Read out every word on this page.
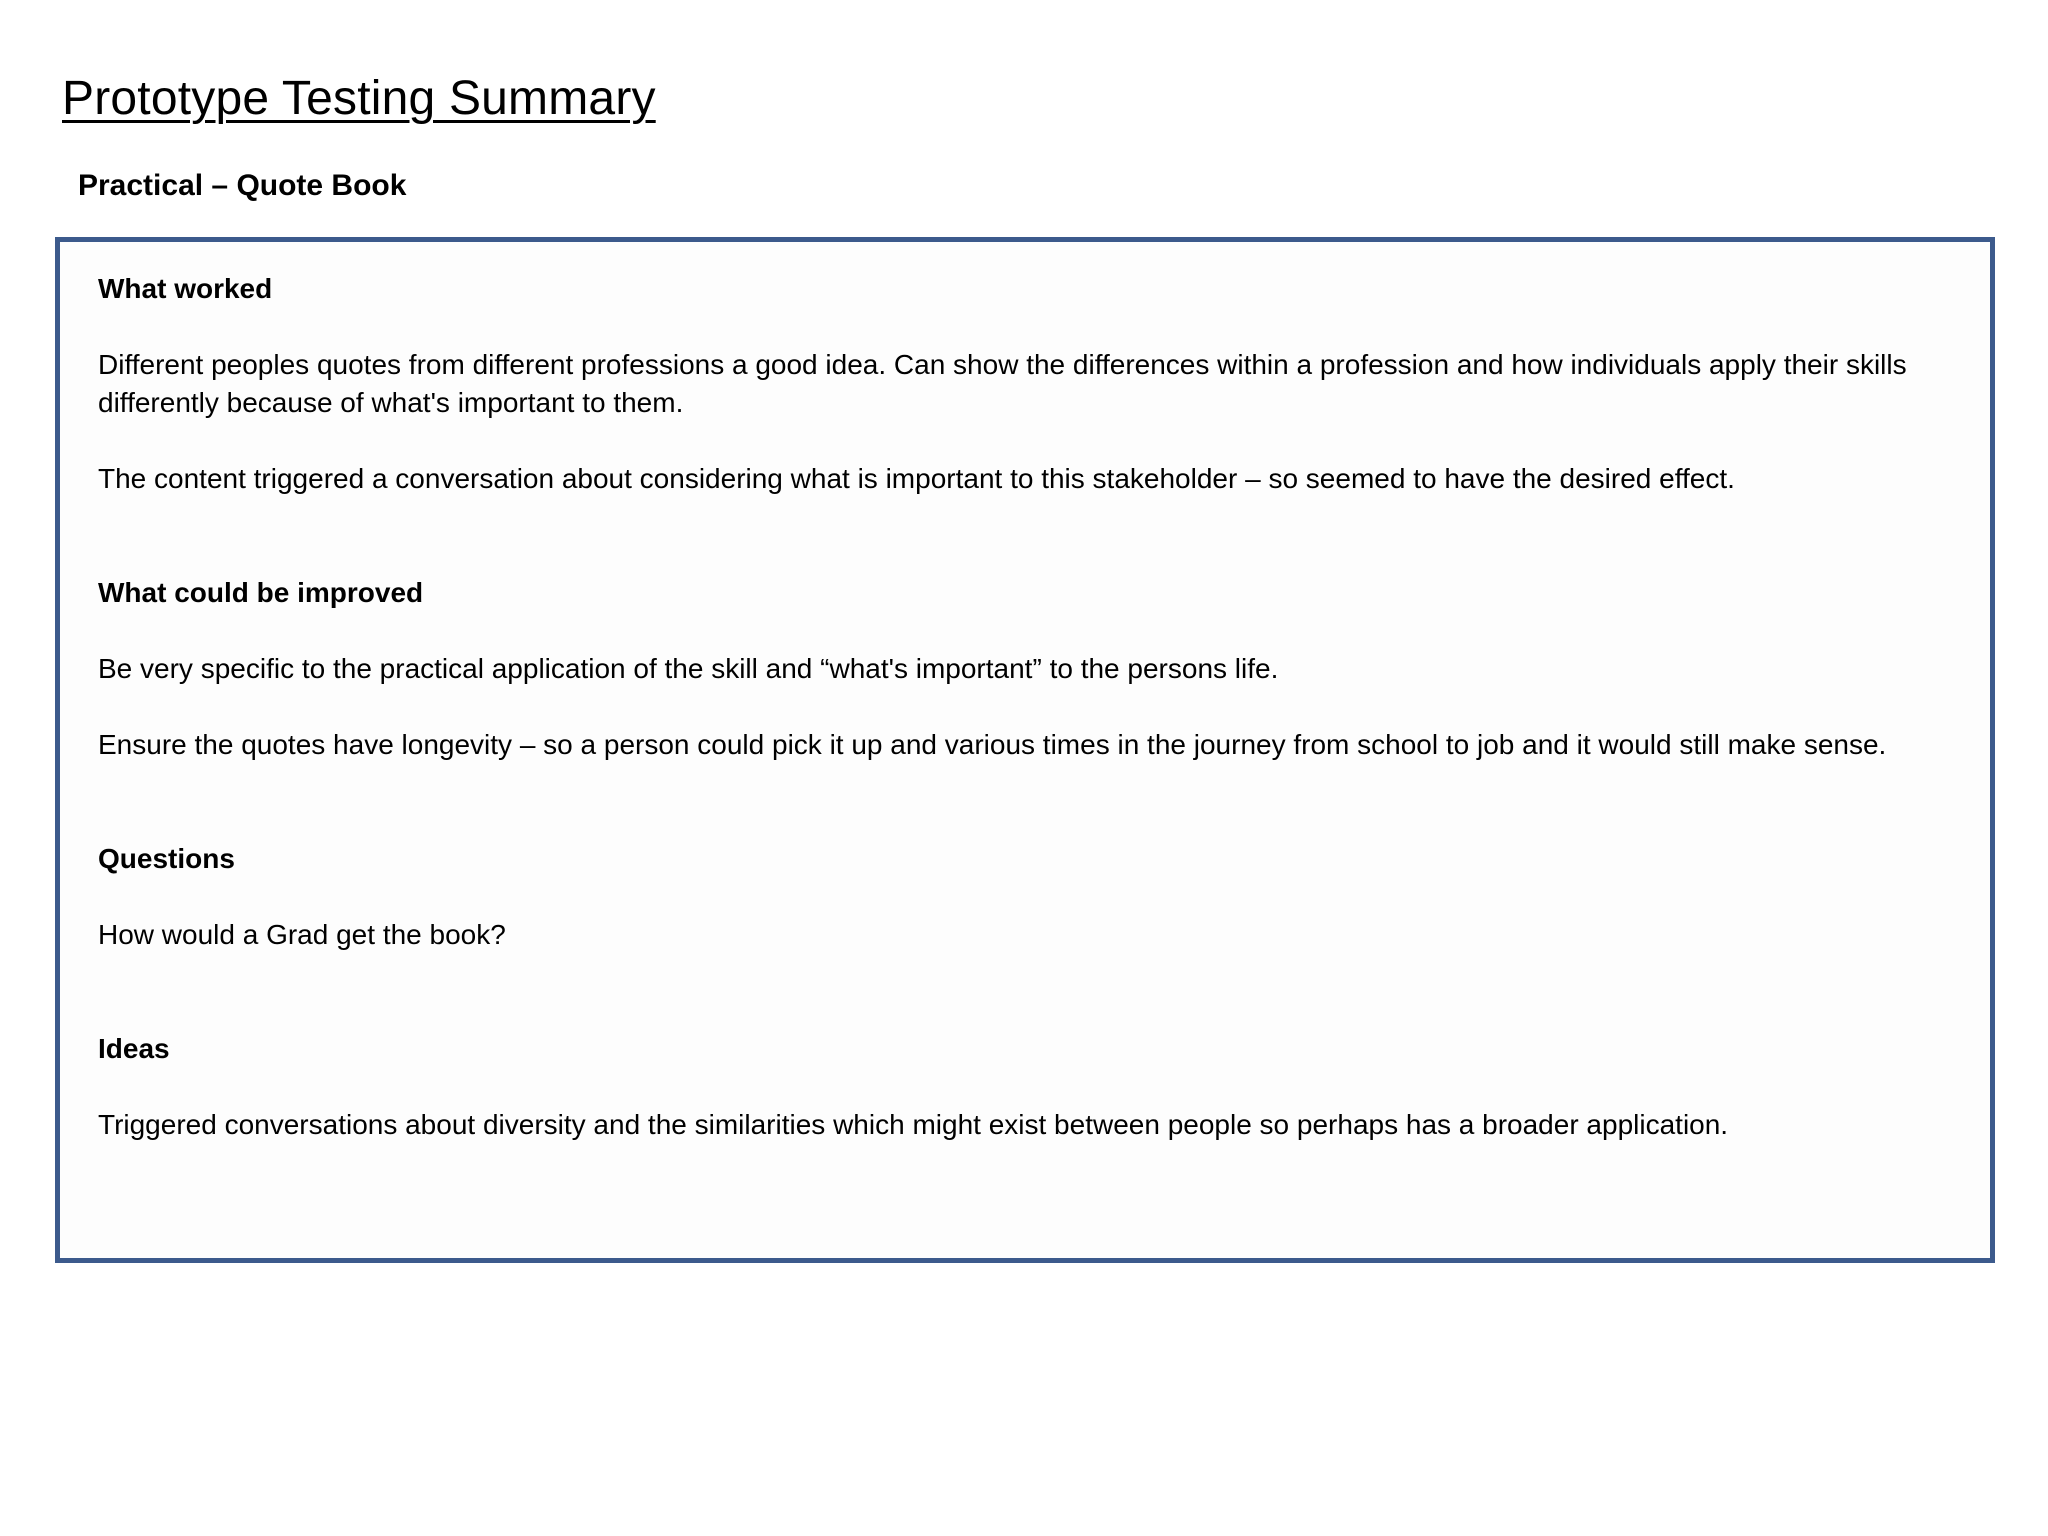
Prototype Testing Summary
Practical – Quote Book
What worked

Different peoples quotes from different professions a good idea. Can show the differences within a profession and how individuals apply their skills differently because of what's important to them.

The content triggered a conversation about considering what is important to this stakeholder – so seemed to have the desired effect.

What could be improved

Be very specific to the practical application of the skill and “what's important” to the persons life.

Ensure the quotes have longevity – so a person could pick it up and various times in the journey from school to job and it would still make sense.

Questions

How would a Grad get the book?

Ideas

Triggered conversations about diversity and the similarities which might exist between people so perhaps has a broader application.
